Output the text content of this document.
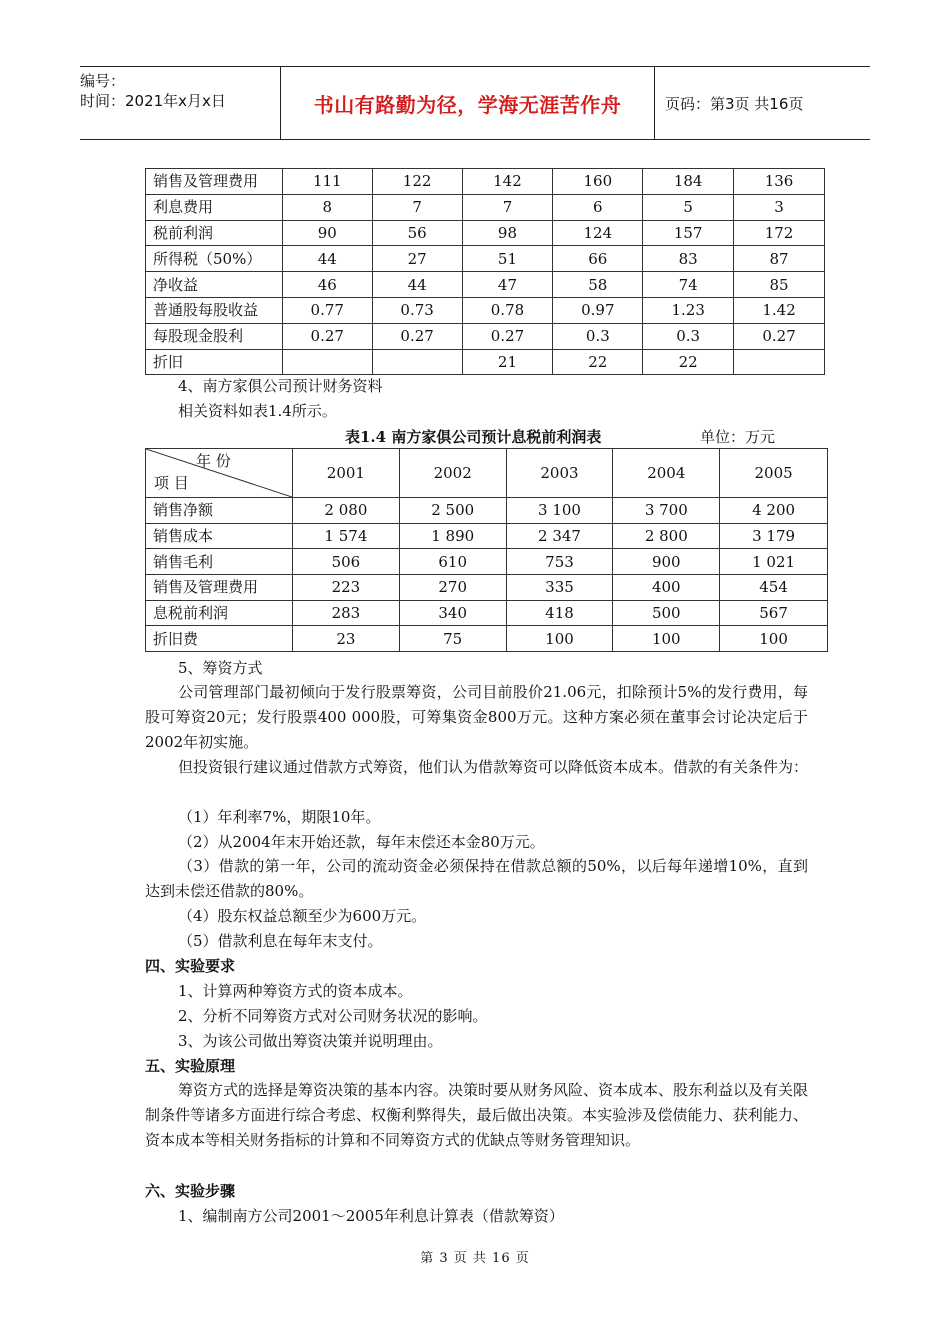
编号：
时间：2021年x月x日	书山有路勤为径，学海无涯苦作舟	页码：第3页 共16页
销售及管理费用	111	122	142	160	184	136
利息费用	8	7	7	6	5	3
税前利润	90	56	98	124	157	172
所得税（50%）	44	27	51	66	83	87
净收益	46	44	47	58	74	85
普通股每股收益	0.77	0.73	0.78	0.97	1.23	1.42
每股现金股利	0.27	0.27	0.27	0.3	0.3	0.27
折旧			21	22	22	
4、南方家俱公司预计财务资料
相关资料如表1.4所示。
表1.4 南方家俱公司预计息税前利润表	单位：万元
年 份
项 目	2001	2002	2003	2004	2005
销售净额	2 080	2 500	3 100	3 700	4 200
销售成本	1 574	1 890	2 347	2 800	3 179
销售毛利	506	610	753	900	1 021
销售及管理费用	223	270	335	400	454
息税前利润	283	340	418	500	567
折旧费	23	75	100	100	100
5、筹资方式
公司管理部门最初倾向于发行股票筹资，公司目前股价21.06元，扣除预计5%的发行费用，每股可筹资20元；发行股票400 000股，可筹集资金800万元。这种方案必须在董事会讨论决定后于2002年初实施。
但投资银行建议通过借款方式筹资，他们认为借款筹资可以降低资本成本。借款的有关条件为：
（1）年利率7%，期限10年。
（2）从2004年末开始还款，每年末偿还本金80万元。
（3）借款的第一年，公司的流动资金必须保持在借款总额的50%，以后每年递增10%，直到达到未偿还借款的80%。
（4）股东权益总额至少为600万元。
（5）借款利息在每年末支付。
四、实验要求
1、计算两种筹资方式的资本成本。
2、分析不同筹资方式对公司财务状况的影响。
3、为该公司做出筹资决策并说明理由。
五、实验原理
筹资方式的选择是筹资决策的基本内容。决策时要从财务风险、资本成本、股东利益以及有关限制条件等诸多方面进行综合考虑、权衡利弊得失，最后做出决策。本实验涉及偿债能力、获利能力、资本成本等相关财务指标的计算和不同筹资方式的优缺点等财务管理知识。
六、实验步骤
1、编制南方公司2001～2005年利息计算表（借款筹资）
第 3 页 共 16 页
